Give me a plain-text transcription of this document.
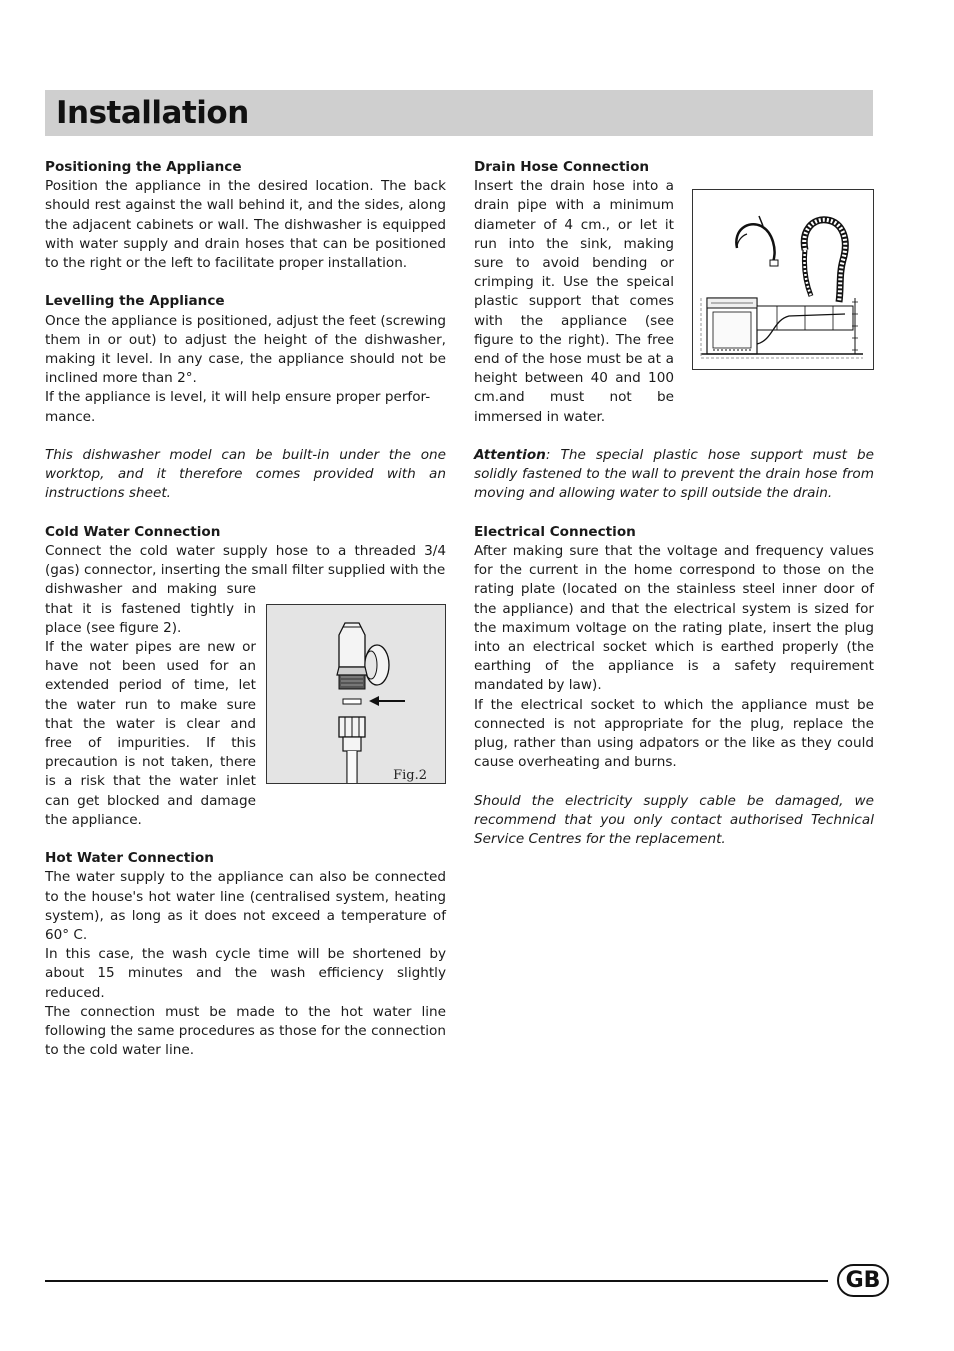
Installation
Positioning the Appliance

Position the appliance in the desired location. The back should rest against the wall behind it, and the sides, along the adjacent cabinets or wall. The dishwasher is equipped with water supply and drain hoses that can be positioned to the right or the left to facilitate proper installation.

Levelling the Appliance

Once the appliance is positioned, adjust the feet (screwing them in or out) to adjust the height of the dishwasher, making it level. In any case, the appliance should not be inclined more than 2°.

If the appliance is level, it will help ensure proper perfor- mance.

This dishwasher model can be built-in under the one worktop, and it therefore comes provided with an instructions sheet.

Cold Water Connection

Connect the cold water supply hose to a threaded 3/4 (gas) connector, inserting the small filter supplied with the

dishwasher and making sure that it is fastened tightly in place (see figure 2).

If the water pipes are new or have not been used for an extended period of time, let the water run to make sure that the water is clear and free of impurities. If this precaution is not taken, there is a risk that the water inlet can get blocked and damage the appliance.

Hot Water Connection

The water supply to the appliance can also be connected to the house's hot water line (centralised system, heating system), as long as it does not exceed a temperature of 60° C.

In this case, the wash cycle time will be shortened by about 15 minutes and the wash efficiency slightly reduced.

The connection must be made to the hot water line following the same procedures as those for the connection to the cold water line.

Fig.2
Drain Hose Connection

Insert the drain hose into a drain pipe with a minimum diameter of 4 cm., or let it run into the sink, making sure to avoid bending or crimping it. Use the speical plastic support that comes with the appliance (see figure to the right). The free end of the hose must be at a height between 40 and 100 cm.and must not be immersed in water.

Attention: The special plastic hose support must be solidly fastened to the wall to prevent the drain hose from moving and allowing water to spill outside the drain.

Electrical Connection

After making sure that the voltage and frequency values for the current in the home correspond to those on the rating plate (located on the stainless steel inner door of the appliance) and that the electrical system is sized for the maximum voltage on the rating plate, insert the plug into an electrical socket which is earthed properly (the earthing of the appliance is a safety requirement mandated by law).

If the electrical socket to which the appliance must be connected is not appropriate for the plug, replace the plug, rather than using adpators or the like as they could cause overheating and burns.

Should the electricity supply cable be damaged, we recommend that you only contact authorised Technical Service Centres for the replacement.

GB
